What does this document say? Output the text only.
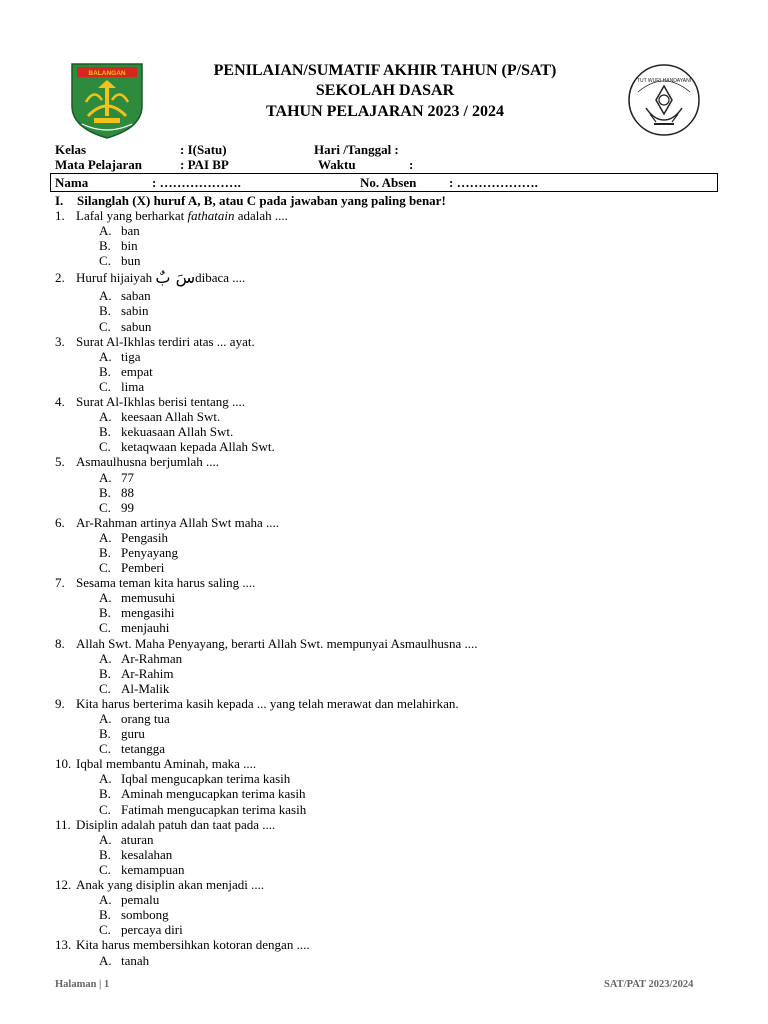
BALANGAN
TUT WURI HANDAYANI
PENILAIAN/SUMATIF AKHIR TAHUN (P/SAT)
SEKOLAH DASAR
TAHUN PELAJARAN 2023 / 2024
Kelas	: I(Satu)	Hari /Tanggal :
Mata Pelajaran	: PAI BP	Waktu	:
Nama	: ……………….	No. Absen	: ……………….
I. Silanglah (X) huruf A, B, atau C pada jawaban yang paling benar!
1. Lafal yang berharkat fathatain adalah ....
A. ban
B. bin
C. bun
2. Huruf hijaiyah سَ بٌdibaca ....
A. saban
B. sabin
C. sabun
3. Surat Al-Ikhlas terdiri atas ... ayat.
A. tiga
B. empat
C. lima
4. Surat Al-Ikhlas berisi tentang ....
A. keesaan Allah Swt.
B. kekuasaan Allah Swt.
C. ketaqwaan kepada Allah Swt.
5. Asmaulhusna berjumlah ....
A. 77
B. 88
C. 99
6. Ar-Rahman artinya Allah Swt maha ....
A. Pengasih
B. Penyayang
C. Pemberi
7. Sesama teman kita harus saling ....
A. memusuhi
B. mengasihi
C. menjauhi
8. Allah Swt. Maha Penyayang, berarti Allah Swt. mempunyai Asmaulhusna ....
A. Ar-Rahman
B. Ar-Rahim
C. Al-Malik
9. Kita harus berterima kasih kepada ... yang telah merawat dan melahirkan.
A. orang tua
B. guru
C. tetangga
10. Iqbal membantu Aminah, maka ....
A. Iqbal mengucapkan terima kasih
B. Aminah mengucapkan terima kasih
C. Fatimah mengucapkan terima kasih
11. Disiplin adalah patuh dan taat pada ....
A. aturan
B. kesalahan
C. kemampuan
12. Anak yang disiplin akan menjadi ....
A. pemalu
B. sombong
C. percaya diri
13. Kita harus membersihkan kotoran dengan ....
A. tanah
Halaman | 1	SAT/PAT 2023/2024
